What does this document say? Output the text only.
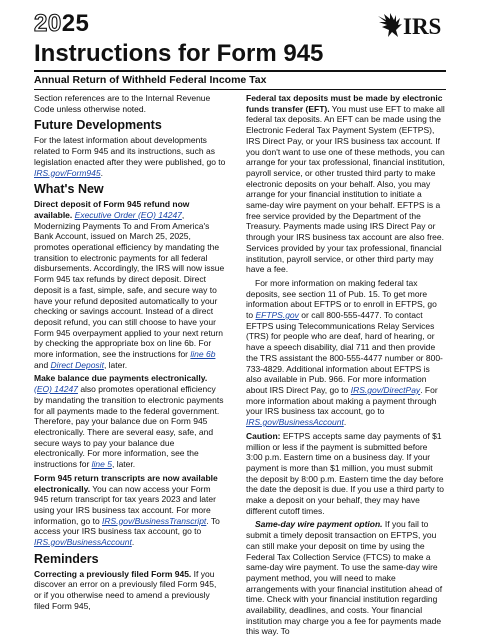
2025	IRS
Instructions for Form 945
Annual Return of Withheld Federal Income Tax

Section references are to the Internal Revenue Code unless otherwise noted.

Future Developments

For the latest information about developments related to Form 945 and its instructions, such as legislation enacted after they were published, go to IRS.gov/Form945.

What's New

Direct deposit of Form 945 refund now available. Executive Order (EO) 14247, Modernizing Payments To and From America's Bank Account, issued on March 25, 2025, promotes operational efficiency by mandating the transition to electronic payments for all federal disbursements. Accordingly, the IRS will now issue Form 945 tax refunds by direct deposit. Direct deposit is a fast, simple, safe, and secure way to have your refund deposited automatically to your checking or savings account. Instead of a direct deposit refund, you can still choose to have your Form 945 overpayment applied to your next return by checking the appropriate box on line 6b. For more information, see the instructions for line 6b and Direct Deposit, later.

Make balance due payments electronically. (EO) 14247 also promotes operational efficiency by mandating the transition to electronic payments for all payments made to the federal government. Therefore, pay your balance due on Form 945 electronically. There are several easy, safe, and secure ways to pay your balance due electronically. For more information, see the instructions for line 5, later.

Form 945 return transcripts are now available electronically. You can now access your Form 945 return transcript for tax years 2023 and later using your IRS business tax account. For more information, go to IRS.gov/BusinessTranscript. To access your IRS business tax account, go to IRS.gov/BusinessAccount.

Reminders

Correcting a previously filed Form 945. If you discover an error on a previously filed Form 945, or if you otherwise need to amend a previously filed Form 945,

Federal tax deposits must be made by electronic funds transfer (EFT). You must use EFT to make all federal tax deposits. An EFT can be made using the Electronic Federal Tax Payment System (EFTPS), IRS Direct Pay, or your IRS business tax account. If you don't want to use one of these methods, you can arrange for your tax professional, financial institution, payroll service, or other trusted third party to make electronic deposits on your behalf. Also, you may arrange for your financial institution to initiate a same-day wire payment on your behalf. EFTPS is a free service provided by the Department of the Treasury. Payments made using IRS Direct Pay or through your IRS business tax account are also free. Services provided by your tax professional, financial institution, payroll service, or other third party may have a fee.

For more information on making federal tax deposits, see section 11 of Pub. 15. To get more information about EFTPS or to enroll in EFTPS, go to EFTPS.gov or call 800-555-4477. To contact EFTPS using Telecommunications Relay Services (TRS) for people who are deaf, hard of hearing, or have a speech disability, dial 711 and then provide the TRS assistant the 800-555-4477 number or 800-733-4829. Additional information about EFTPS is also available in Pub. 966. For more information about IRS Direct Pay, go to IRS.gov/DirectPay. For more information about making a payment through your IRS business tax account, go to IRS.gov/BusinessAccount.

Caution: EFTPS accepts same day payments of $1 million or less if the payment is submitted before 3:00 p.m. Eastern time on a business day. If your payment is more than $1 million, you must submit the deposit by 8:00 p.m. Eastern time the day before the date the deposit is due. If you use a third party to make a deposit on your behalf, they may have different cutoff times.

Same-day wire payment option. If you fail to submit a timely deposit transaction on EFTPS, you can still make your deposit on time by using the Federal Tax Collection Service (FTCS) to make a same-day wire payment. To use the same-day wire payment method, you will need to make arrangements with your financial institution ahead of time. Check with your financial institution regarding availability, deadlines, and costs. Your financial institution may charge you a fee for payments made this way. To
